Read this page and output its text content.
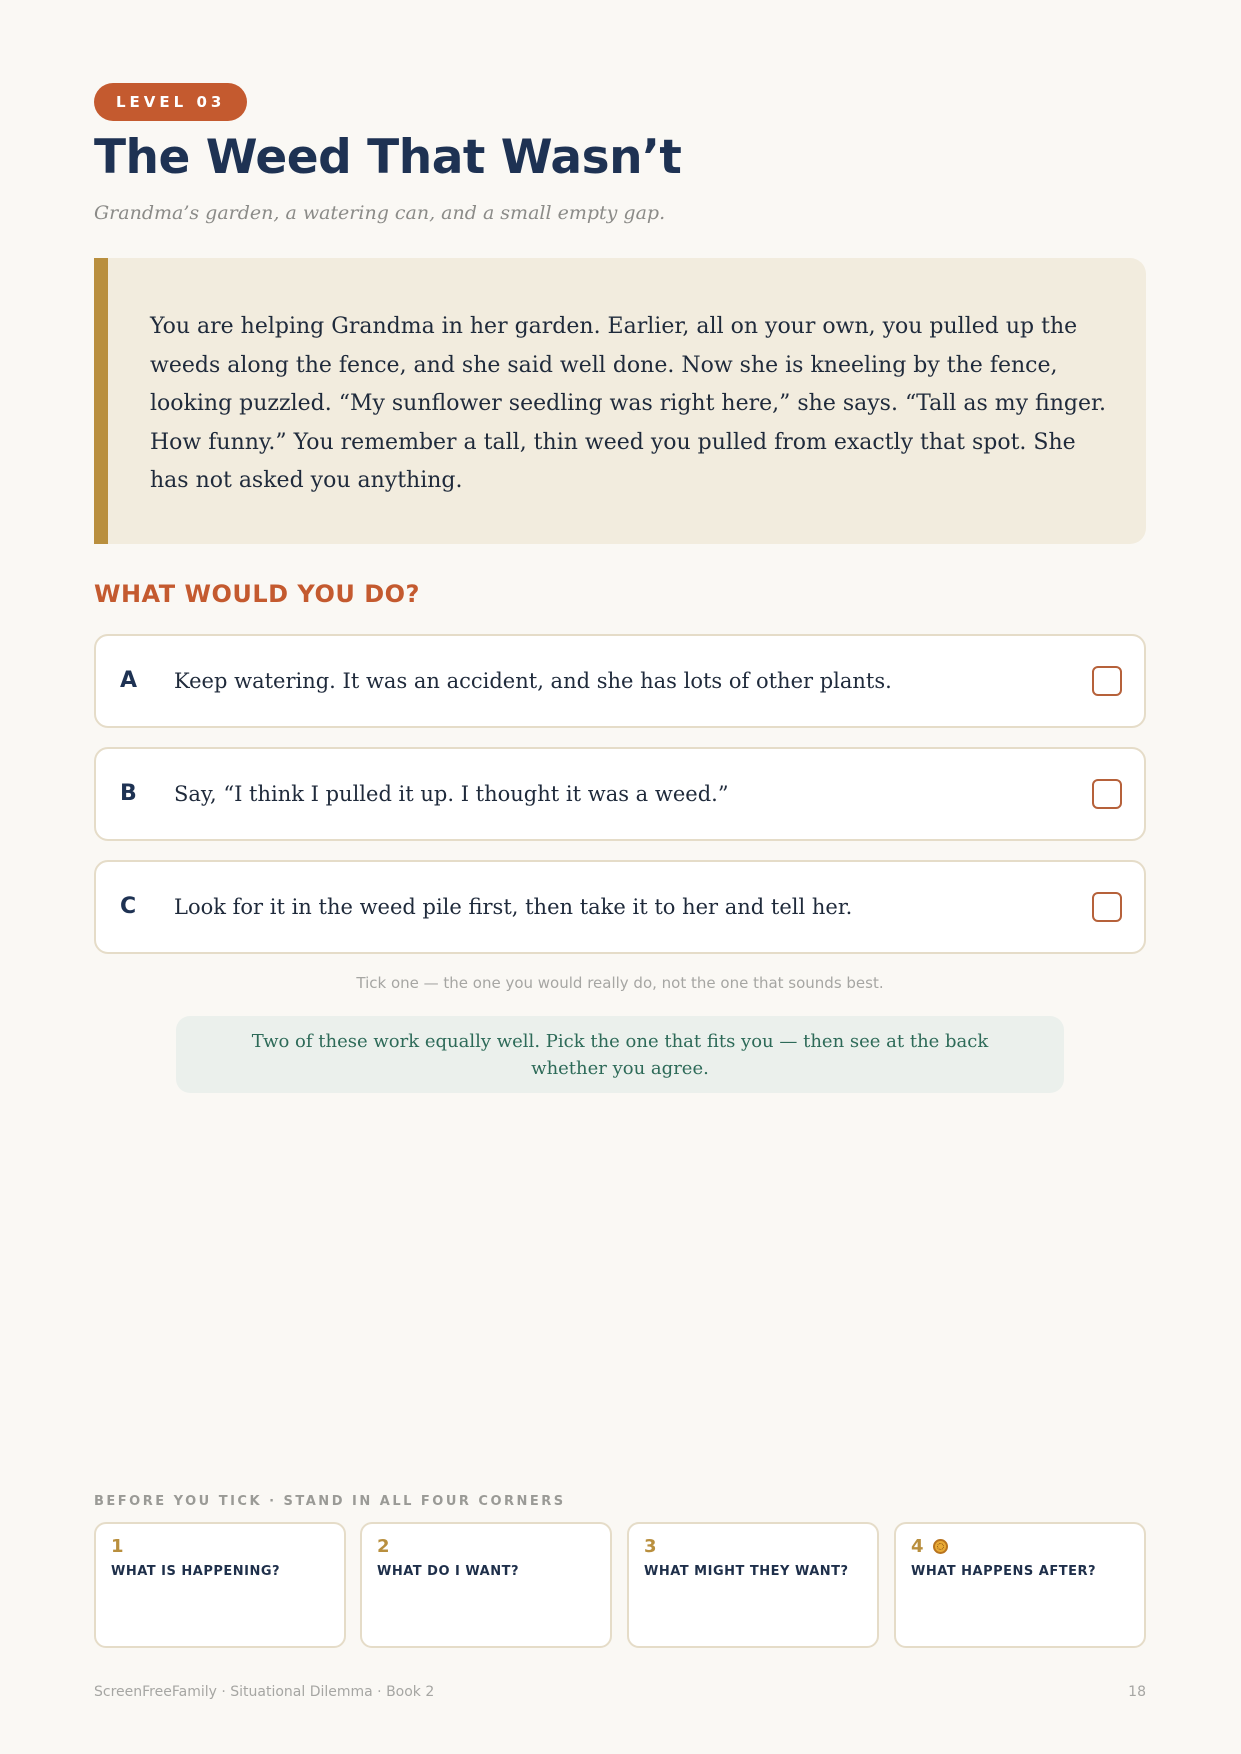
LEVEL 03
The Weed That Wasn’t

Grandma’s garden, a watering can, and a small empty gap.

You are helping Grandma in her garden. Earlier, all on your own, you pulled up the weeds along the fence, and she said well done. Now she is kneeling by the fence, looking puzzled. “My sunflower seedling was right here,” she says. “Tall as my finger. How funny.” You remember a tall, thin weed you pulled from exactly that spot. She has not asked you anything.

WHAT WOULD YOU DO?
A Keep watering. It was an accident, and she has lots of other plants.
B Say, “I think I pulled it up. I thought it was a weed.”
C Look for it in the weed pile first, then take it to her and tell her.

Tick one — the one you would really do, not the one that sounds best.

Two of these work equally well. Pick the one that fits you — then see at the back whether you agree.

BEFORE YOU TICK · STAND IN ALL FOUR CORNERS

1
WHAT IS HAPPENING?
2
WHAT DO I WANT?
3
WHAT MIGHT THEY WANT?
4
WHAT HAPPENS AFTER?

ScreenFreeFamily · Situational Dilemma · Book 2	18
